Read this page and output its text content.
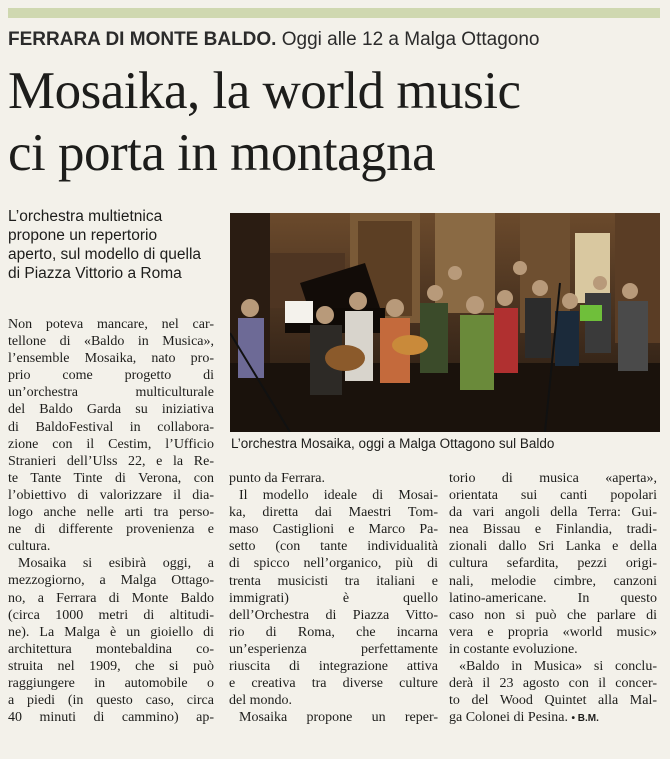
FERRARA DI MONTE BALDO. Oggi alle 12 a Malga Ottagono
Mosaika, la world music
ci porta in montagna
L’orchestra multietnica
propone un repertorio
aperto, sul modello di quella
di Piazza Vittorio a Roma
L’orchestra Mosaika, oggi a Malga Ottagono sul Baldo
Non poteva mancare, nel car-
tellone di «Baldo in Musica»,
l’ensemble Mosaika, nato pro-
prio come progetto di
un’orchestra multiculturale
del Baldo Garda su iniziativa
di BaldoFestival in collabora-
zione con il Cestim, l’Ufficio
Stranieri dell’Ulss 22, e la Re-
te Tante Tinte di Verona, con
l’obiettivo di valorizzare il dia-
logo anche nelle arti tra perso-
ne di differente provenienza e
cultura.
Mosaika si esibirà oggi, a
mezzogiorno, a Malga Ottago-
no, a Ferrara di Monte Baldo
(circa 1000 metri di altitudi-
ne). La Malga è un gioiello di
architettura montebaldina co-
struita nel 1909, che si può
raggiungere in automobile o
a piedi (in questo caso, circa
40 minuti di cammino) ap-
punto da Ferrara.
Il modello ideale di Mosai-
ka, diretta dai Maestri Tom-
maso Castiglioni e Marco Pa-
setto (con tante individualità
di spicco nell’organico, più di
trenta musicisti tra italiani e
immigrati) è quello
dell’Orchestra di Piazza Vitto-
rio di Roma, che incarna
un’esperienza perfettamente
riuscita di integrazione attiva
e creativa tra diverse culture
del mondo.
Mosaika propone un reper-
torio di musica «aperta»,
orientata sui canti popolari
da vari angoli della Terra: Gui-
nea Bissau e Finlandia, tradi-
zionali dallo Sri Lanka e della
cultura sefardita, pezzi origi-
nali, melodie cimbre, canzoni
latino-americane. In questo
caso non si può che parlare di
vera e propria «world music»
in costante evoluzione.
«Baldo in Musica» si conclu-
derà il 23 agosto con il concer-
to del Wood Quintet alla Mal-
ga Colonei di Pesina. • B.M.
